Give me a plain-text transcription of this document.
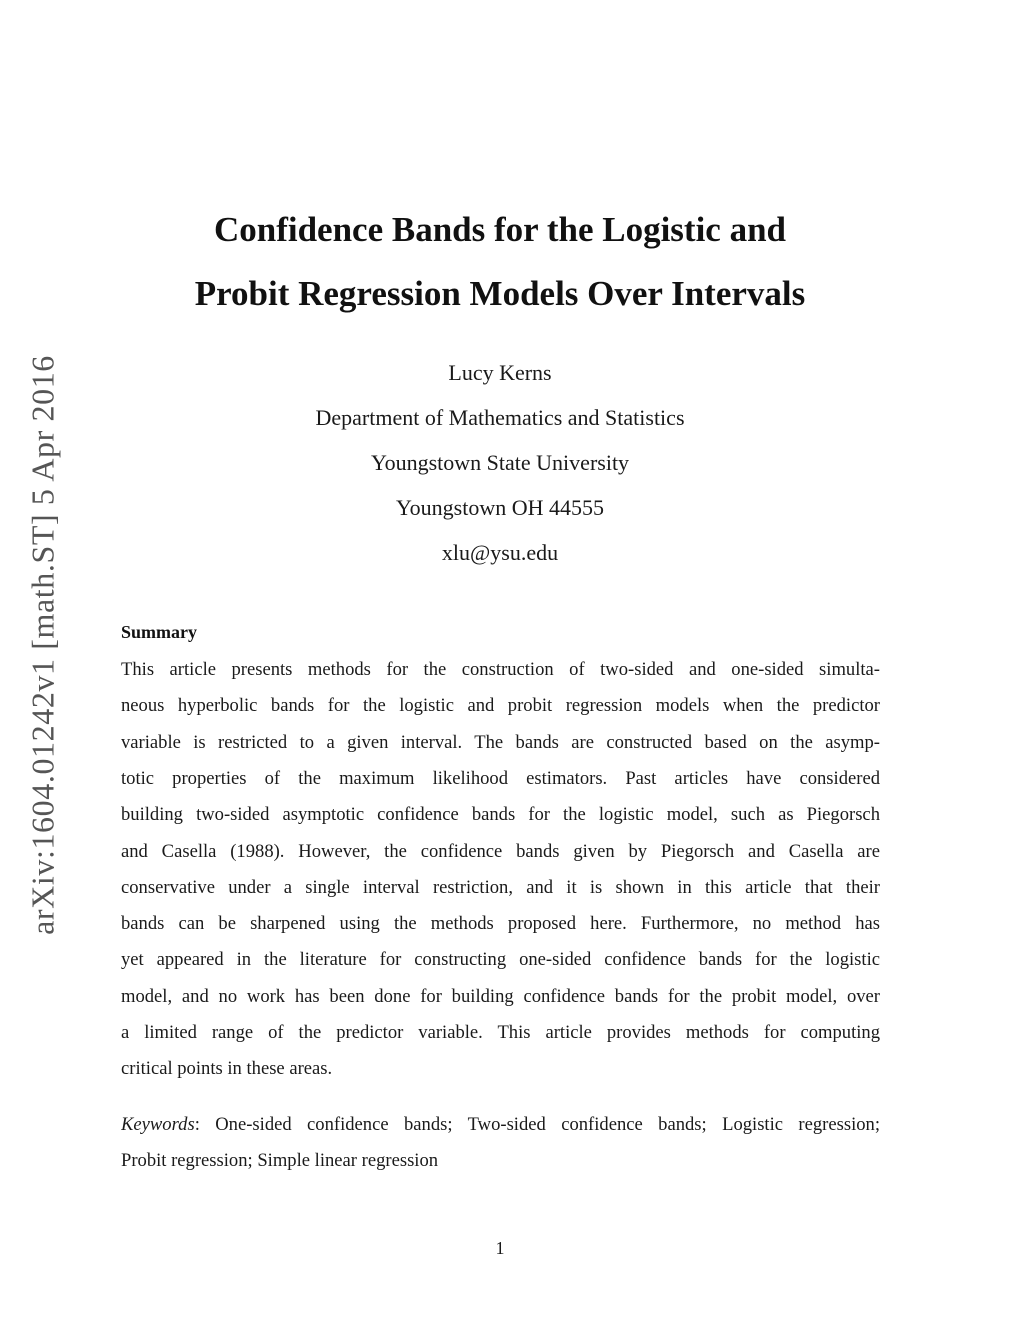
arXiv:1604.01242v1 [math.ST] 5 Apr 2016
Confidence Bands for the Logistic and
Probit Regression Models Over Intervals
Lucy Kerns
Department of Mathematics and Statistics
Youngstown State University
Youngstown OH 44555
xlu@ysu.edu
Summary
This article presents methods for the construction of two-sided and one-sided simulta-
neous hyperbolic bands for the logistic and probit regression models when the predictor
variable is restricted to a given interval. The bands are constructed based on the asymp-
totic properties of the maximum likelihood estimators. Past articles have considered
building two-sided asymptotic confidence bands for the logistic model, such as Piegorsch
and Casella (1988). However, the confidence bands given by Piegorsch and Casella are
conservative under a single interval restriction, and it is shown in this article that their
bands can be sharpened using the methods proposed here. Furthermore, no method has
yet appeared in the literature for constructing one-sided confidence bands for the logistic
model, and no work has been done for building confidence bands for the probit model, over
a limited range of the predictor variable. This article provides methods for computing
critical points in these areas.
Keywords: One-sided confidence bands; Two-sided confidence bands; Logistic regression;
Probit regression; Simple linear regression
1
